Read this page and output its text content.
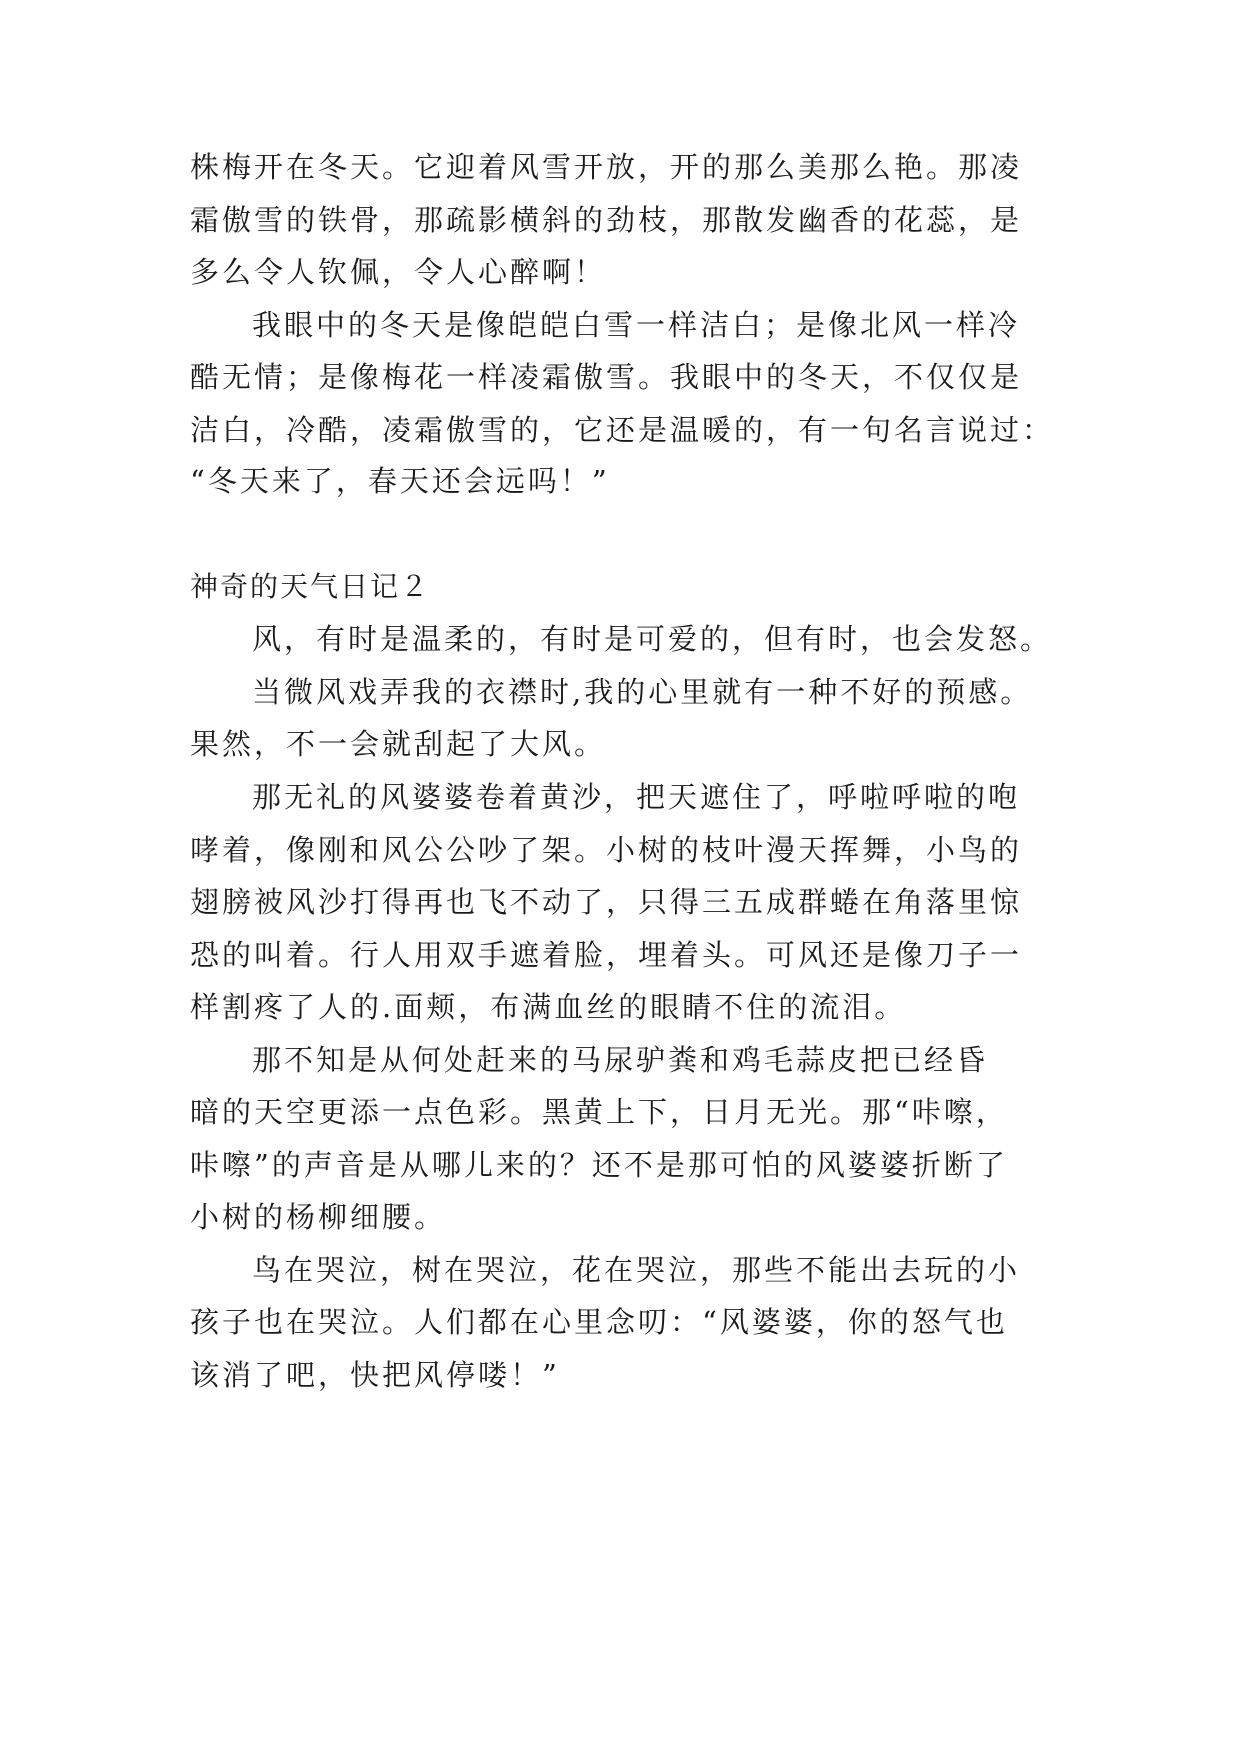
株梅开在冬天。它迎着风雪开放，开的那么美那么艳。那凌
霜傲雪的铁骨，那疏影横斜的劲枝，那散发幽香的花蕊，是
多么令人钦佩，令人心醉啊！
我眼中的冬天是像皑皑白雪一样洁白；是像北风一样冷
酷无情；是像梅花一样凌霜傲雪。我眼中的冬天，不仅仅是
洁白，冷酷，凌霜傲雪的，它还是温暖的，有一句名言说过：
“冬天来了，春天还会远吗！”
神奇的天气日记２
风，有时是温柔的，有时是可爱的，但有时，也会发怒。
当微风戏弄我的衣襟时,我的心里就有一种不好的预感。
果然，不一会就刮起了大风。
那无礼的风婆婆卷着黄沙，把天遮住了，呼啦呼啦的咆
哮着，像刚和风公公吵了架。小树的枝叶漫天挥舞，小鸟的
翅膀被风沙打得再也飞不动了，只得三五成群蜷在角落里惊
恐的叫着。行人用双手遮着脸，埋着头。可风还是像刀子一
样割疼了人的.面颊，布满血丝的眼睛不住的流泪。
那不知是从何处赶来的马尿驴粪和鸡毛蒜皮把已经昏
暗的天空更添一点色彩。黑黄上下，日月无光。那“咔嚓，
咔嚓”的声音是从哪儿来的？还不是那可怕的风婆婆折断了
小树的杨柳细腰。
鸟在哭泣，树在哭泣，花在哭泣，那些不能出去玩的小
孩子也在哭泣。人们都在心里念叨：“风婆婆，你的怒气也
该消了吧，快把风停喽！”
